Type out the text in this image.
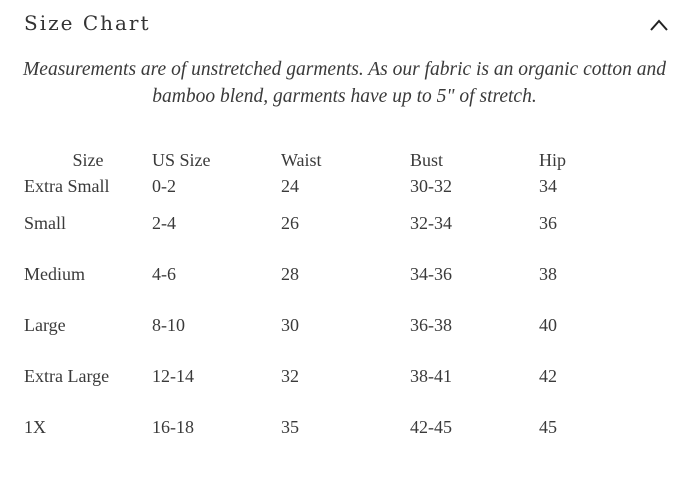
Size Chart

Measurements are of unstretched garments. As our fabric is an organic cotton and bamboo blend, garments have up to 5" of stretch.

Size	US Size	Waist	Bust	Hip
Extra Small	0-2	24	30-32	34
Small	2-4	26	32-34	36
Medium	4-6	28	34-36	38
Large	8-10	30	36-38	40
Extra Large	12-14	32	38-41	42
1X	16-18	35	42-45	45
